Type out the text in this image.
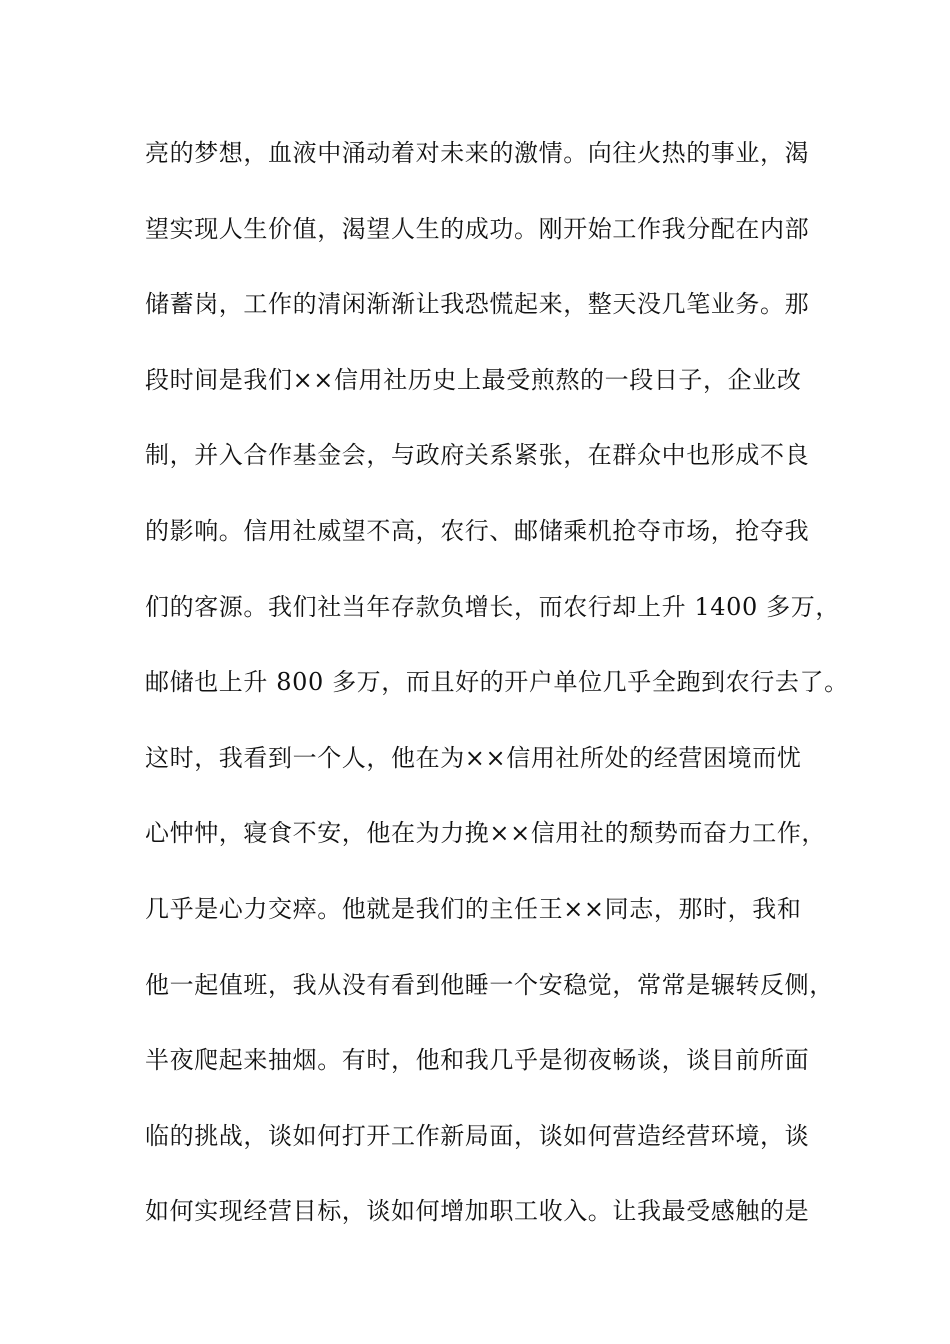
亮的梦想，血液中涌动着对未来的激情。向往火热的事业，渴
望实现人生价值，渴望人生的成功。刚开始工作我分配在内部
储蓄岗，工作的清闲渐渐让我恐慌起来，整天没几笔业务。那
段时间是我们××信用社历史上最受煎熬的一段日子，企业改
制，并入合作基金会，与政府关系紧张，在群众中也形成不良
的影响。信用社威望不高，农行、邮储乘机抢夺市场，抢夺我
们的客源。我们社当年存款负增长，而农行却上升 1400 多万，
邮储也上升 800 多万，而且好的开户单位几乎全跑到农行去了。
这时，我看到一个人，他在为××信用社所处的经营困境而忧
心忡忡，寝食不安，他在为力挽××信用社的颓势而奋力工作，
几乎是心力交瘁。他就是我们的主任王××同志，那时，我和
他一起值班，我从没有看到他睡一个安稳觉，常常是辗转反侧，
半夜爬起来抽烟。有时，他和我几乎是彻夜畅谈，谈目前所面
临的挑战，谈如何打开工作新局面，谈如何营造经营环境，谈
如何实现经营目标，谈如何增加职工收入。让我最受感触的是
